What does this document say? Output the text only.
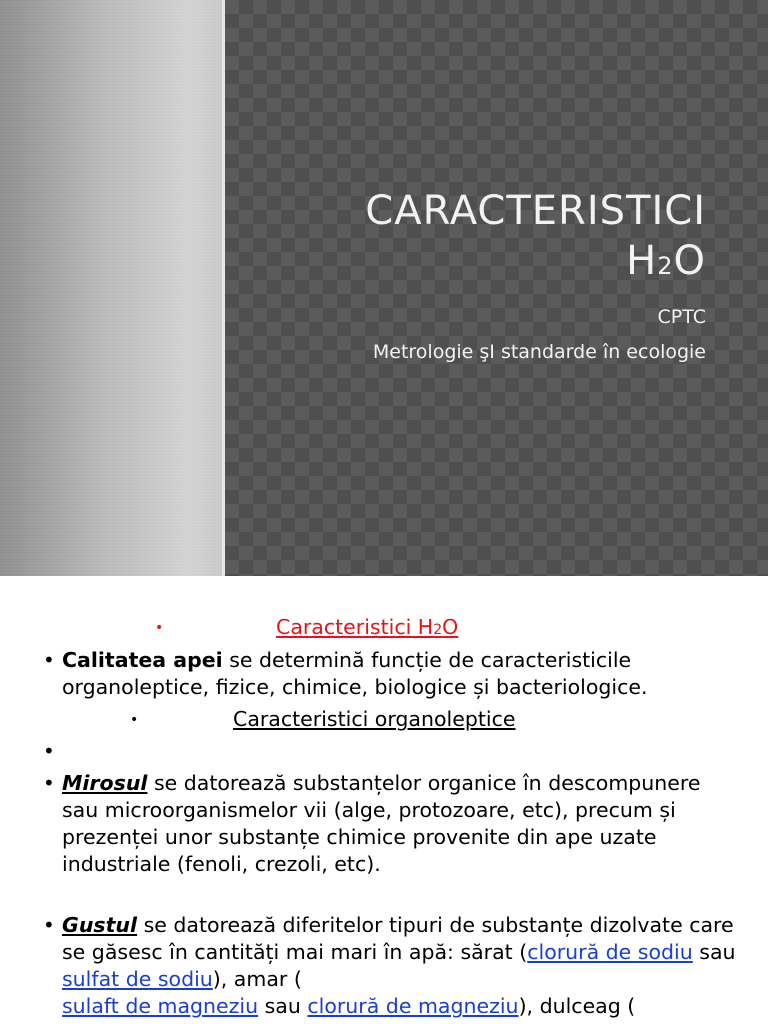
CARACTERISTICI
H2O
CPTC
Metrologie şI standarde în ecologie
•	Caracteristici H2O
• Calitatea apei se determină funcție de caracteristicile organoleptice, fizice, chimice, biologice și bacteriologice.
•	Caracteristici organoleptice
•
• Mirosul se datorează substanțelor organice în descompunere sau microorganismelor vii (alge, protozoare, etc), precum și prezenței unor substanțe chimice provenite din ape uzate industriale (fenoli, crezoli, etc).
• Gustul se datorează diferitelor tipuri de substanțe dizolvate care se găsesc în cantități mai mari în apă: sărat (clorură de sodiu sau sulfat de sodiu), amar (
sulaft de magneziu sau clorură de magneziu), dulceag (
